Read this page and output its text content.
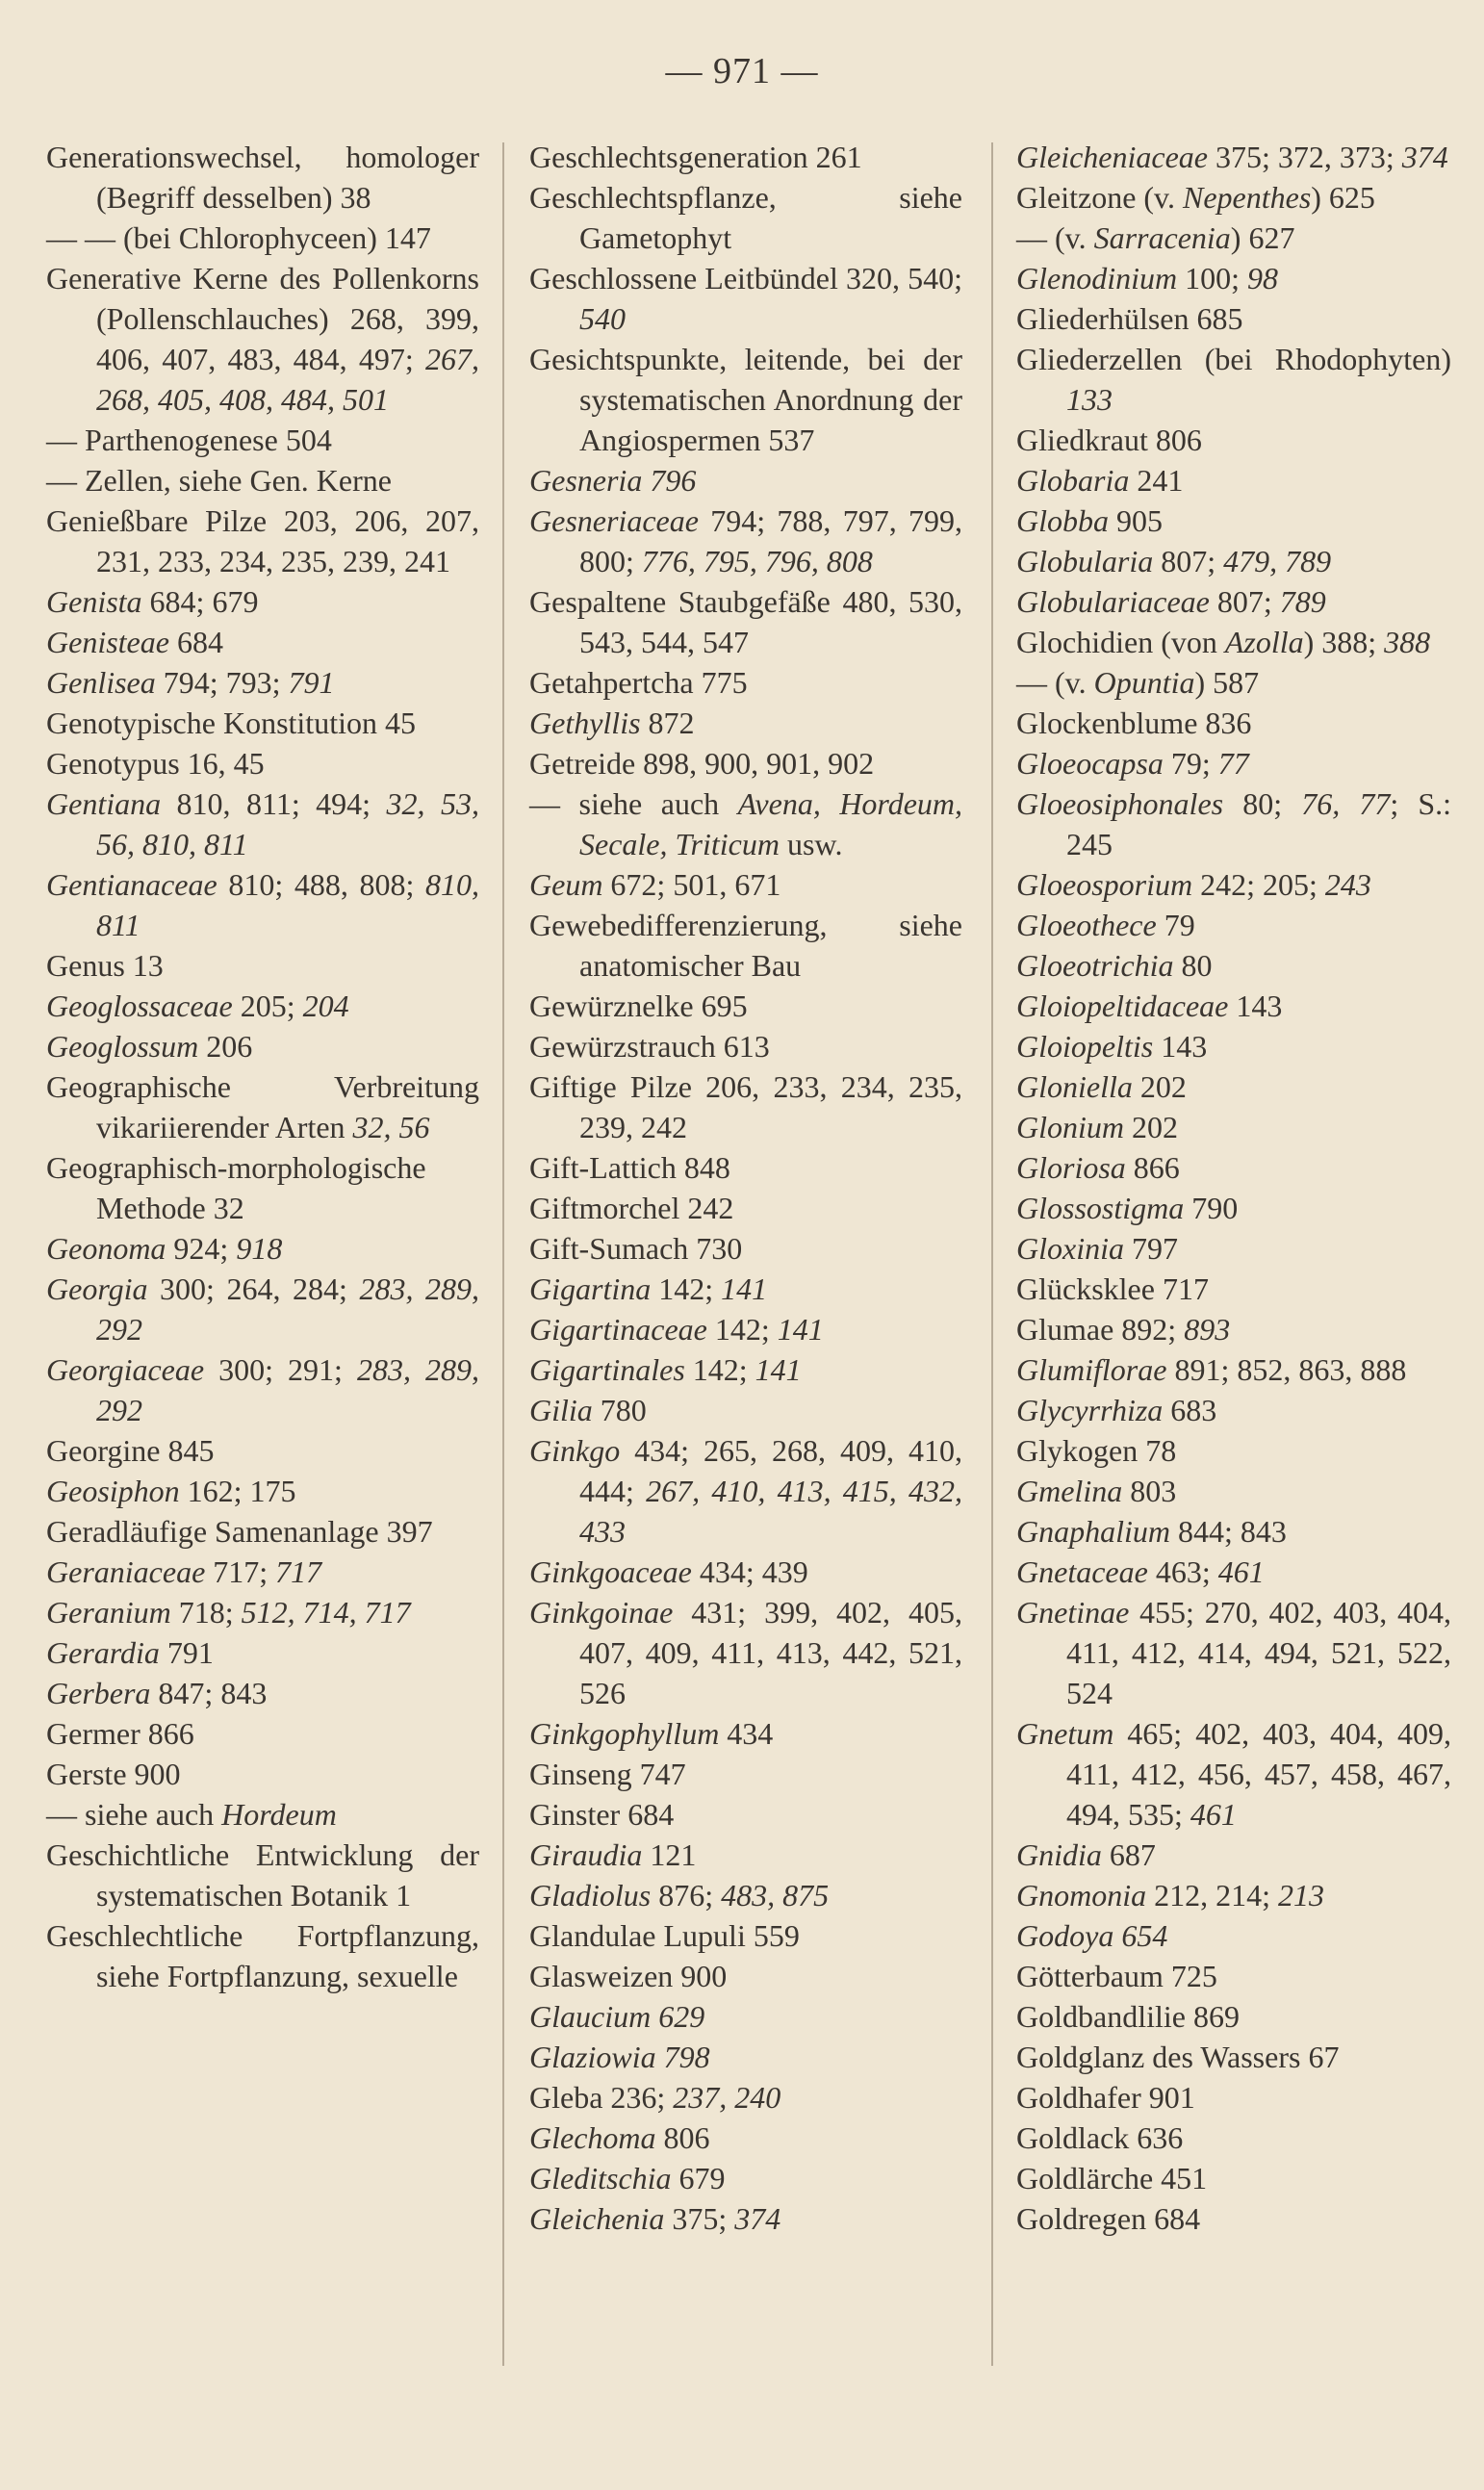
— 971 —
Generationswechsel, homologer (Begriff desselben) 38
— — (bei Chlorophyceen) 147
Generative Kerne des Pollenkorns (Pollenschlauches) 268, 399, 406, 407, 483, 484, 497; 267, 268, 405, 408, 484, 501
— Parthenogenese 504
— Zellen, siehe Gen. Kerne
Genießbare Pilze 203, 206, 207, 231, 233, 234, 235, 239, 241
Genista 684; 679
Genisteae 684
Genlisea 794; 793; 791
Genotypische Konstitution 45
Genotypus 16, 45
Gentiana 810, 811; 494; 32, 53, 56, 810, 811
Gentianaceae 810; 488, 808; 810, 811
Genus 13
Geoglossaceae 205; 204
Geoglossum 206
Geographische Verbreitung vikariierender Arten 32, 56
Geographisch-morphologische Methode 32
Geonoma 924; 918
Georgia 300; 264, 284; 283, 289, 292
Georgiaceae 300; 291; 283, 289, 292
Georgine 845
Geosiphon 162; 175
Geradläufige Samenanlage 397
Geraniaceae 717; 717
Geranium 718; 512, 714, 717
Gerardia 791
Gerbera 847; 843
Germer 866
Gerste 900
— siehe auch Hordeum
Geschichtliche Entwicklung der systematischen Botanik 1
Geschlechtliche Fortpflanzung, siehe Fortpflanzung, sexuelle
Geschlechtsgeneration 261
Geschlechtspflanze, siehe Gametophyt
Geschlossene Leitbündel 320, 540; 540
Gesichtspunkte, leitende, bei der systematischen Anordnung der Angiospermen 537
Gesneria 796
Gesneriaceae 794; 788, 797, 799, 800; 776, 795, 796, 808
Gespaltene Staubgefäße 480, 530, 543, 544, 547
Getahpertcha 775
Gethyllis 872
Getreide 898, 900, 901, 902
— siehe auch Avena, Hordeum, Secale, Triticum usw.
Geum 672; 501, 671
Gewebedifferenzierung, siehe anatomischer Bau
Gewürznelke 695
Gewürzstrauch 613
Giftige Pilze 206, 233, 234, 235, 239, 242
Gift-Lattich 848
Giftmorchel 242
Gift-Sumach 730
Gigartina 142; 141
Gigartinaceae 142; 141
Gigartinales 142; 141
Gilia 780
Ginkgo 434; 265, 268, 409, 410, 444; 267, 410, 413, 415, 432, 433
Ginkgoaceae 434; 439
Ginkgoinae 431; 399, 402, 405, 407, 409, 411, 413, 442, 521, 526
Ginkgophyllum 434
Ginseng 747
Ginster 684
Giraudia 121
Gladiolus 876; 483, 875
Glandulae Lupuli 559
Glasweizen 900
Glaucium 629
Glaziowia 798
Gleba 236; 237, 240
Glechoma 806
Gleditschia 679
Gleichenia 375; 374
Gleicheniaceae 375; 372, 373; 374
Gleitzone (v. Nepenthes) 625
— (v. Sarracenia) 627
Glenodinium 100; 98
Gliederhülsen 685
Gliederzellen (bei Rhodophyten) 133
Gliedkraut 806
Globaria 241
Globba 905
Globularia 807; 479, 789
Globulariaceae 807; 789
Glochidien (von Azolla) 388; 388
— (v. Opuntia) 587
Glockenblume 836
Gloeocapsa 79; 77
Gloeosiphonales 80; 76, 77; S.: 245
Gloeosporium 242; 205; 243
Gloeothece 79
Gloeotrichia 80
Gloiopeltidaceae 143
Gloiopeltis 143
Gloniella 202
Glonium 202
Gloriosa 866
Glossostigma 790
Gloxinia 797
Glücksklee 717
Glumae 892; 893
Glumiflorae 891; 852, 863, 888
Glycyrrhiza 683
Glykogen 78
Gmelina 803
Gnaphalium 844; 843
Gnetaceae 463; 461
Gnetinae 455; 270, 402, 403, 404, 411, 412, 414, 494, 521, 522, 524
Gnetum 465; 402, 403, 404, 409, 411, 412, 456, 457, 458, 467, 494, 535; 461
Gnidia 687
Gnomonia 212, 214; 213
Godoya 654
Götterbaum 725
Goldbandlilie 869
Goldglanz des Wassers 67
Goldhafer 901
Goldlack 636
Goldlärche 451
Goldregen 684
